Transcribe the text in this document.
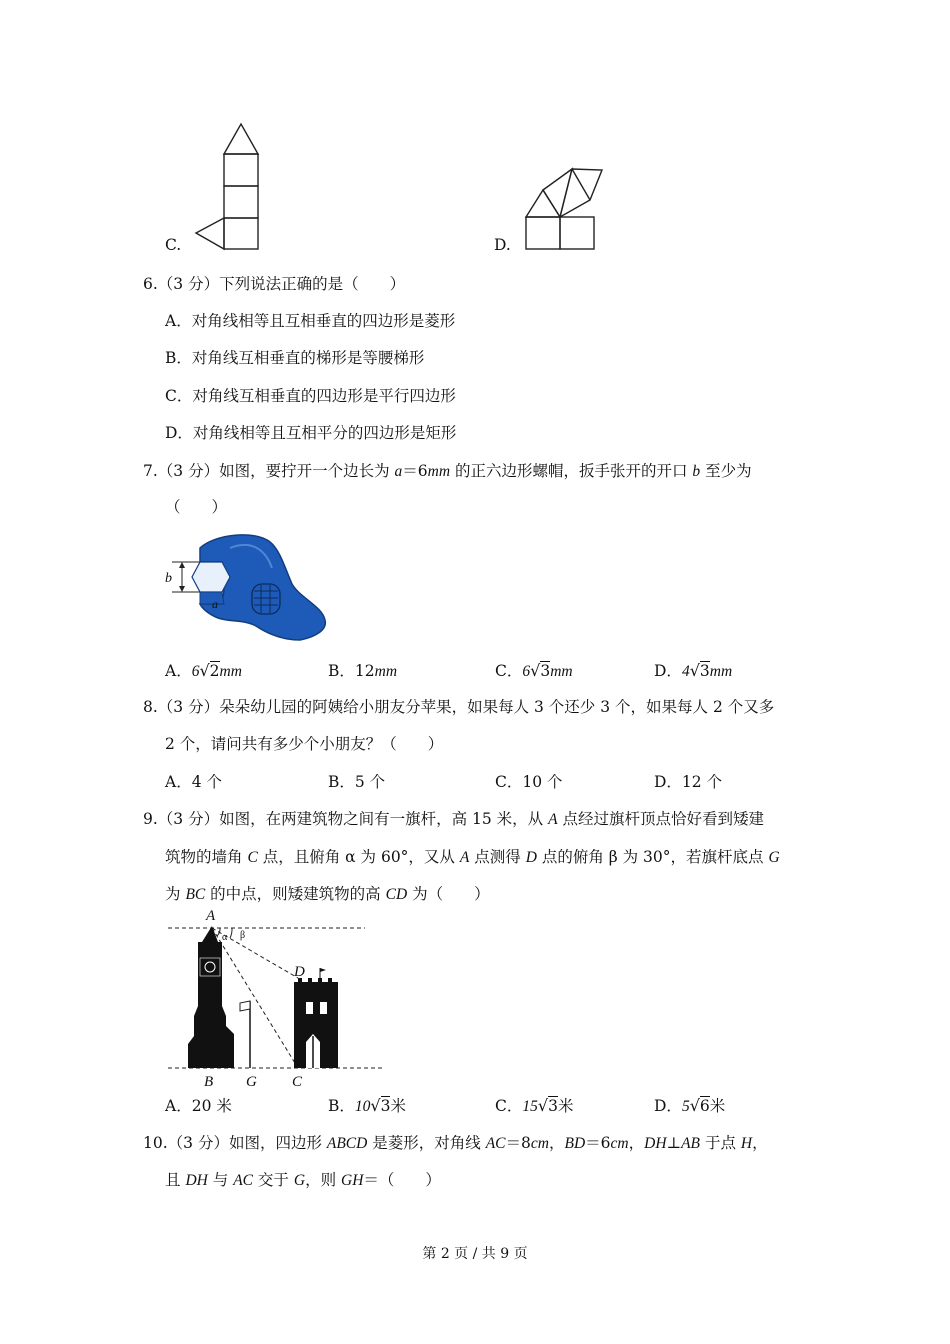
C.	D.
6.（3 分）下列说法正确的是（　　）
A．对角线相等且互相垂直的四边形是菱形
B．对角线互相垂直的梯形是等腰梯形
C．对角线互相垂直的四边形是平行四边形
D．对角线相等且互相平分的四边形是矩形
7.（3 分）如图，要拧开一个边长为 a＝6mm 的正六边形螺帽，扳手张开的开口 b 至少为
（　　）
b
a
A．6√2mm	B．12mm	C．6√3mm	D．4√3mm
8.（3 分）朵朵幼儿园的阿姨给小朋友分苹果，如果每人 3 个还少 3 个，如果每人 2 个又多
2 个，请问共有多少个小朋友？（　　）
A．4 个	B．5 个	C．10 个	D．12 个
9.（3 分）如图，在两建筑物之间有一旗杆，高 15 米，从 A 点经过旗杆顶点恰好看到矮建
筑物的墙角 C 点，且俯角 α 为 60°，又从 A 点测得 D 点的俯角 β 为 30°，若旗杆底点 G
为 BC 的中点，则矮建筑物的高 CD 为（　　）
A
α β
D
B G C
A．20 米	B．10√3米	C．15√3米	D．5√6米
10.（3 分）如图，四边形 ABCD 是菱形，对角线 AC＝8cm，BD＝6cm，DH⊥AB 于点 H，
且 DH 与 AC 交于 G，则 GH＝（　　）
第 2 页 / 共 9 页
